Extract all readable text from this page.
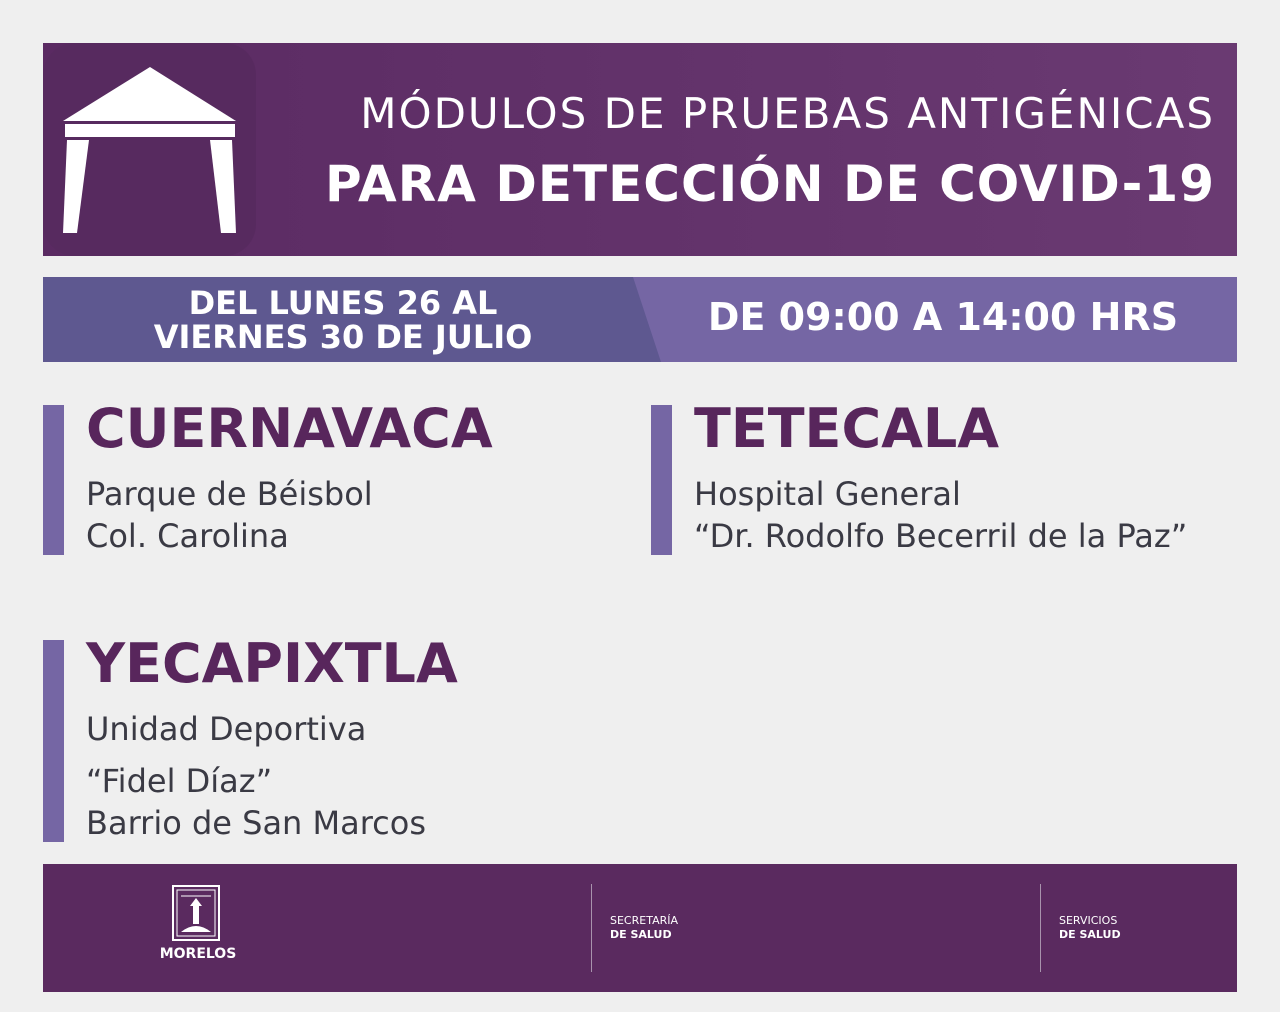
MÓDULOS DE PRUEBAS ANTIGÉNICAS
PARA DETECCIÓN DE COVID-19
DEL LUNES 26 AL
VIERNES 30 DE JULIO	DE 09:00 A 14:00 HRS
CUERNAVACA
Parque de Béisbol
Col. Carolina
TETECALA
Hospital General
“Dr. Rodolfo Becerril de la Paz”
YECAPIXTLA
Unidad Deportiva
“Fidel Díaz”
Barrio de San Marcos
MORELOS
SECRETARÍA
DE SALUD
SERVICIOS
DE SALUD
